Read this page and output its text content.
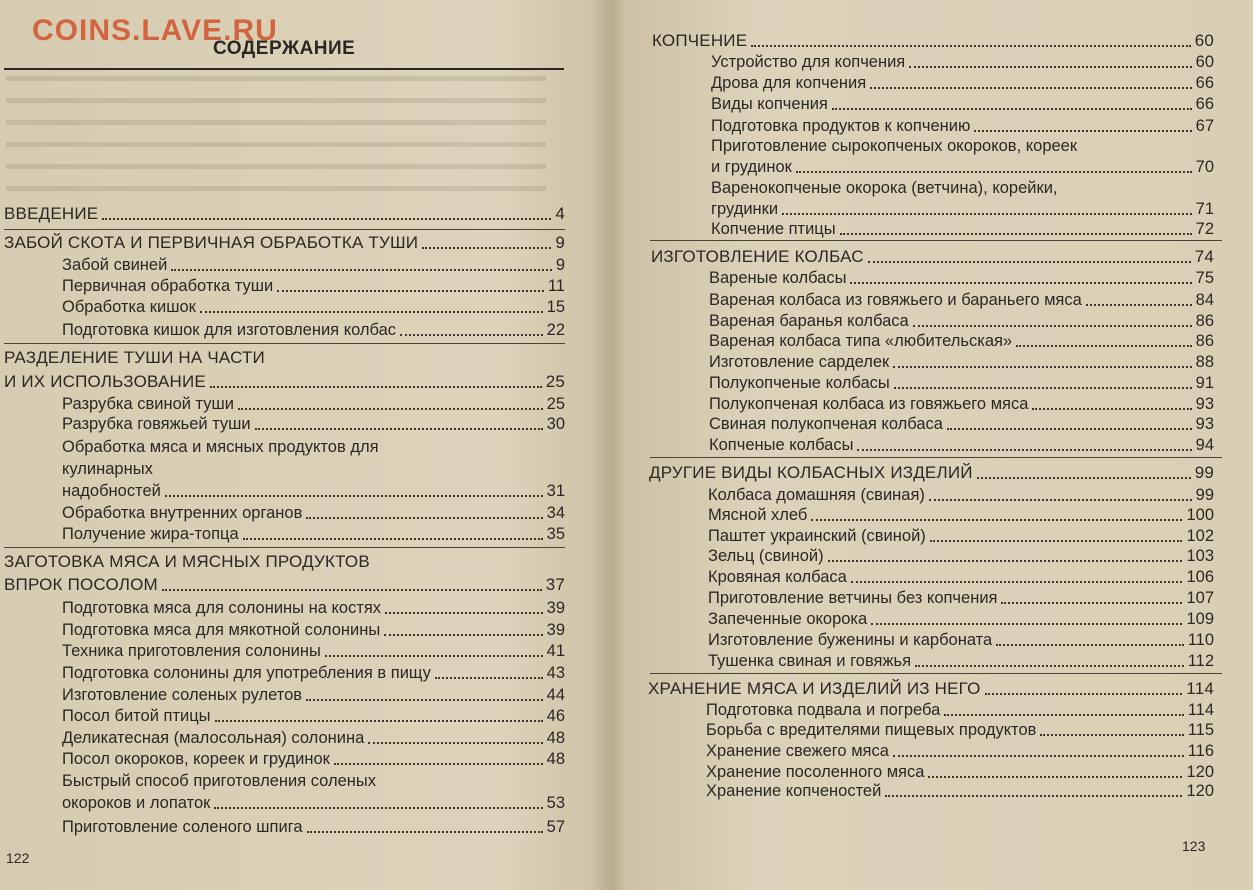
COINS.LAVE.RU
СОДЕРЖАНИЕ
ВВЕДЕНИЕ	4
ЗАБОЙ СКОТА И ПЕРВИЧНАЯ ОБРАБОТКА ТУШИ	9
Забой свиней	9
Первичная обработка туши	11
Обработка кишок	15
Подготовка кишок для изготовления колбас	22
РАЗДЕЛЕНИЕ ТУШИ НА ЧАСТИ
И ИХ ИСПОЛЬЗОВАНИЕ	25
Разрубка свиной туши	25
Разрубка говяжьей туши	30
Обработка мяса и мясных продуктов для
кулинарных
надобностей	31
Обработка внутренних органов	34
Получение жира-топца	35
ЗАГОТОВКА МЯСА И МЯСНЫХ ПРОДУКТОВ
ВПРОК ПОСОЛОМ	37
Подготовка мяса для солонины на костях	39
Подготовка мяса для мякотной солонины	39
Техника приготовления солонины	41
Подготовка солонины для употребления в пищу	43
Изготовление соленых рулетов	44
Посол битой птицы	46
Деликатесная (малосольная) солонина	48
Посол окороков, кореек и грудинок	48
Быстрый способ приготовления соленых
окороков и лопаток	53
Приготовление соленого шпига	57
122
КОПЧЕНИЕ	60
Устройство для копчения	60
Дрова для копчения	66
Виды копчения	66
Подготовка продуктов к копчению	67
Приготовление сырокопченых окороков, кореек
и грудинок	70
Варенокопченые окорока (ветчина), корейки,
грудинки	71
Копчение птицы	72
ИЗГОТОВЛЕНИЕ КОЛБАС	74
Вареные колбасы	75
Вареная колбаса из говяжьего и бараньего мяса	84
Вареная баранья колбаса	86
Вареная колбаса типа «любительская»	86
Изготовление сарделек	88
Полукопченые колбасы	91
Полукопченая колбаса из говяжьего мяса	93
Свиная полукопченая колбаса	93
Копченые колбасы	94
ДРУГИЕ ВИДЫ КОЛБАСНЫХ ИЗДЕЛИЙ	99
Колбаса домашняя (свиная)	99
Мясной хлеб	100
Паштет украинский (свиной)	102
Зельц (свиной)	103
Кровяная колбаса	106
Приготовление ветчины без копчения	107
Запеченные окорока	109
Изготовление буженины и карбоната	110
Тушенка свиная и говяжья	112
ХРАНЕНИЕ МЯСА И ИЗДЕЛИЙ ИЗ НЕГО	114
Подготовка подвала и погреба	114
Борьба с вредителями пищевых продуктов	115
Хранение свежего мяса	116
Хранение посоленного мяса	120
Хранение копченостей	120
123
